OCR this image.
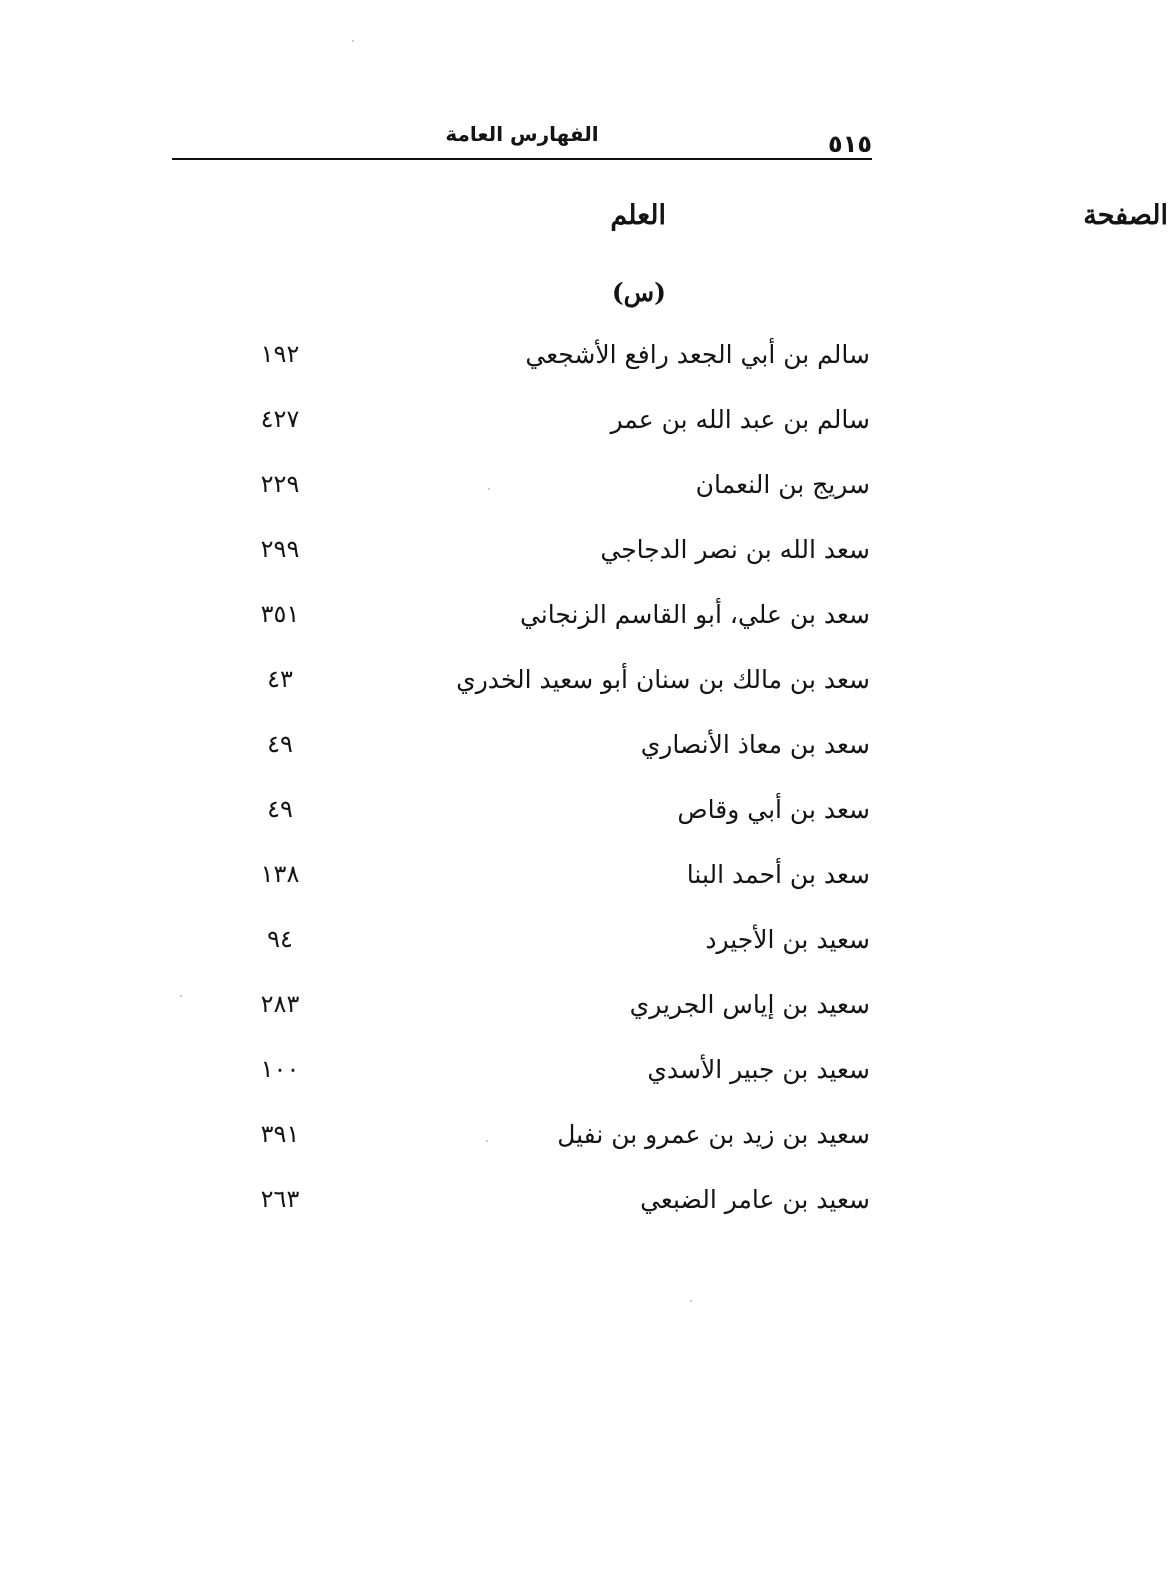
الفهارس العامة	٥١٥
العلم	الصفحة
(س)
سالم بن أبي الجعد رافع الأشجعي
١٩٢
سالم بن عبد الله بن عمر
٤٢٧
سريج بن النعمان
٢٢٩
سعد الله بن نصر الدجاجي
٢٩٩
سعد بن علي، أبو القاسم الزنجاني
٣٥١
سعد بن مالك بن سنان أبو سعيد الخدري
٤٣
سعد بن معاذ الأنصاري
٤٩
سعد بن أبي وقاص
٤٩
سعد بن أحمد البنا
١٣٨
سعيد بن الأجيرد
٩٤
سعيد بن إياس الجريري
٢٨٣
سعيد بن جبير الأسدي
١٠٠
سعيد بن زيد بن عمرو بن نفيل
٣٩١
سعيد بن عامر الضبعي
٢٦٣
